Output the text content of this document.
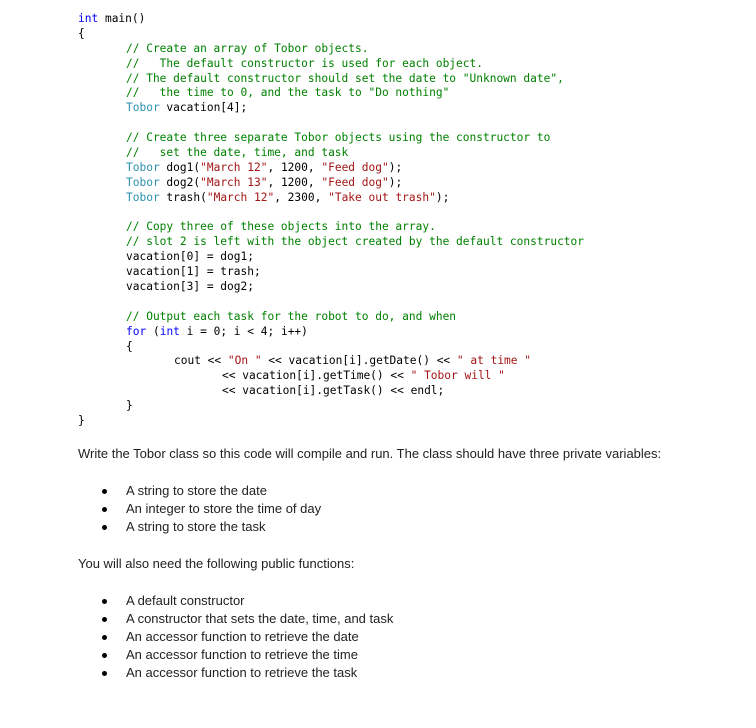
int main()
{
// Create an array of Tobor objects.
//   The default constructor is used for each object.
// The default constructor should set the date to "Unknown date",
//   the time to 0, and the task to "Do nothing"
Tobor vacation[4];
// Create three separate Tobor objects using the constructor to
//   set the date, time, and task
Tobor dog1("March 12", 1200, "Feed dog");
Tobor dog2("March 13", 1200, "Feed dog");
Tobor trash("March 12", 2300, "Take out trash");
// Copy three of these objects into the array.
// slot 2 is left with the object created by the default constructor
vacation[0] = dog1;
vacation[1] = trash;
vacation[3] = dog2;
// Output each task for the robot to do, and when
for (int i = 0; i < 4; i++)
{
cout << "On " << vacation[i].getDate() << " at time "
<< vacation[i].getTime() << " Tobor will "
<< vacation[i].getTask() << endl;
}
}
Write the Tobor class so this code will compile and run. The class should have three private variables:
A string to store the date
An integer to store the time of day
A string to store the task
You will also need the following public functions:
A default constructor
A constructor that sets the date, time, and task
An accessor function to retrieve the date
An accessor function to retrieve the time
An accessor function to retrieve the task
